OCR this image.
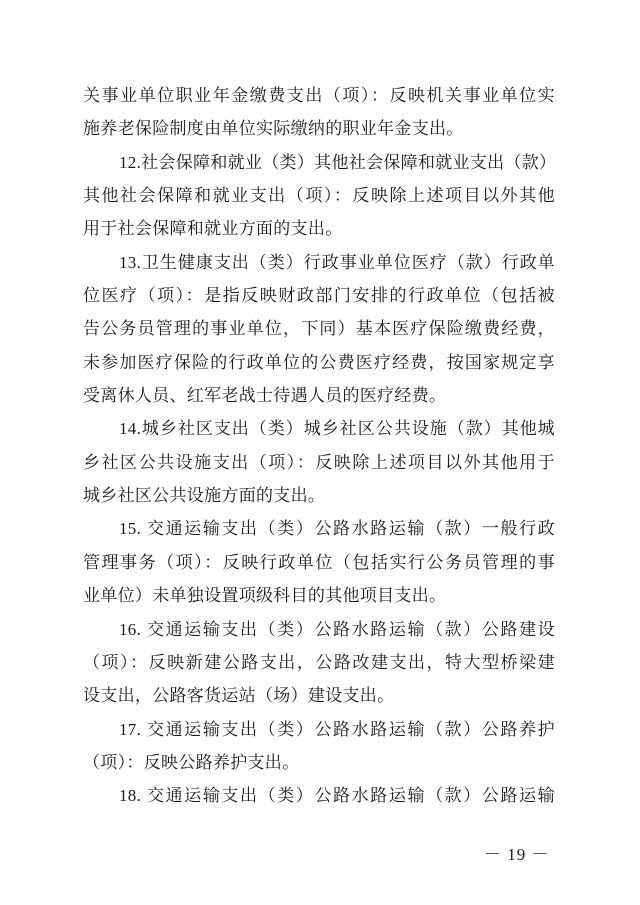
关事业单位职业年金缴费支出（项）：反映机关事业单位实
施养老保险制度由单位实际缴纳的职业年金支出。
12.社会保障和就业（类）其他社会保障和就业支出（款）
其他社会保障和就业支出（项）：反映除上述项目以外其他
用于社会保障和就业方面的支出。
13.卫生健康支出（类）行政事业单位医疗（款）行政单
位医疗（项）：是指反映财政部门安排的行政单位（包括被
告公务员管理的事业单位，下同）基本医疗保险缴费经费，
未参加医疗保险的行政单位的公费医疗经费，按国家规定享
受离休人员、红军老战士待遇人员的医疗经费。
14.城乡社区支出（类）城乡社区公共设施（款）其他城
乡社区公共设施支出（项）：反映除上述项目以外其他用于
城乡社区公共设施方面的支出。
15. 交通运输支出（类）公路水路运输（款）一般行政
管理事务（项）：反映行政单位（包括实行公务员管理的事
业单位）未单独设置项级科目的其他项目支出。
16. 交通运输支出（类）公路水路运输（款）公路建设
（项）：反映新建公路支出，公路改建支出，特大型桥梁建
设支出，公路客货运站（场）建设支出。
17. 交通运输支出（类）公路水路运输（款）公路养护
（项）：反映公路养护支出。
18. 交通运输支出（类）公路水路运输（款）公路运输
－ 19 －
